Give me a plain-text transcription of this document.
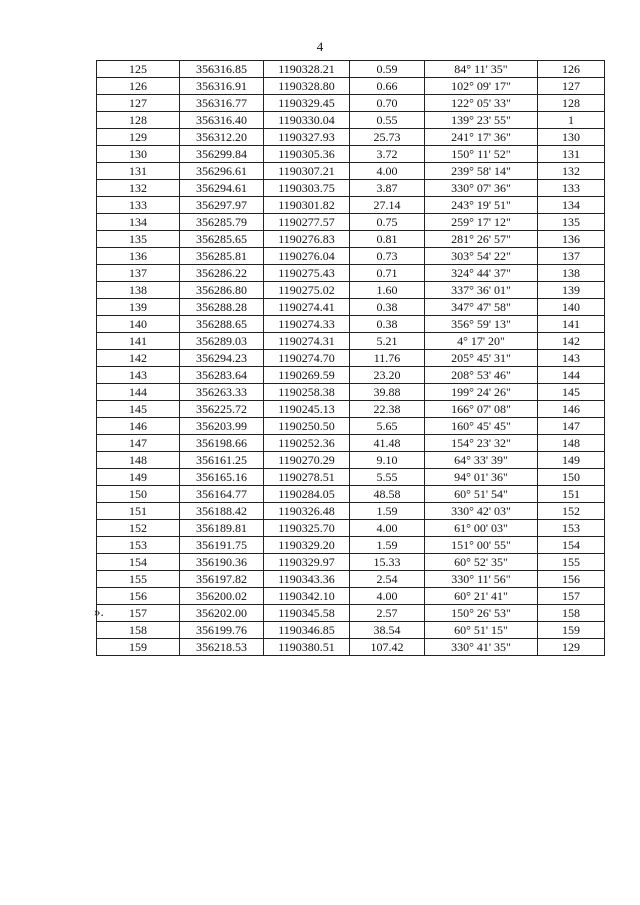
4
125	356316.85	1190328.21	0.59	84° 11' 35"	126
126	356316.91	1190328.80	0.66	102° 09' 17"	127
127	356316.77	1190329.45	0.70	122° 05' 33"	128
128	356316.40	1190330.04	0.55	139° 23' 55"	1
129	356312.20	1190327.93	25.73	241° 17' 36"	130
130	356299.84	1190305.36	3.72	150° 11' 52"	131
131	356296.61	1190307.21	4.00	239° 58' 14"	132
132	356294.61	1190303.75	3.87	330° 07' 36"	133
133	356297.97	1190301.82	27.14	243° 19' 51"	134
134	356285.79	1190277.57	0.75	259° 17' 12"	135
135	356285.65	1190276.83	0.81	281° 26' 57"	136
136	356285.81	1190276.04	0.73	303° 54' 22"	137
137	356286.22	1190275.43	0.71	324° 44' 37"	138
138	356286.80	1190275.02	1.60	337° 36' 01"	139
139	356288.28	1190274.41	0.38	347° 47' 58"	140
140	356288.65	1190274.33	0.38	356° 59' 13"	141
141	356289.03	1190274.31	5.21	4° 17' 20"	142
142	356294.23	1190274.70	11.76	205° 45' 31"	143
143	356283.64	1190269.59	23.20	208° 53' 46"	144
144	356263.33	1190258.38	39.88	199° 24' 26"	145
145	356225.72	1190245.13	22.38	166° 07' 08"	146
146	356203.99	1190250.50	5.65	160° 45' 45"	147
147	356198.66	1190252.36	41.48	154° 23' 32"	148
148	356161.25	1190270.29	9.10	64° 33' 39"	149
149	356165.16	1190278.51	5.55	94° 01' 36"	150
150	356164.77	1190284.05	48.58	60° 51' 54"	151
151	356188.42	1190326.48	1.59	330° 42' 03"	152
152	356189.81	1190325.70	4.00	61° 00' 03"	153
153	356191.75	1190329.20	1.59	151° 00' 55"	154
154	356190.36	1190329.97	15.33	60° 52' 35"	155
155	356197.82	1190343.36	2.54	330° 11' 56"	156
156	356200.02	1190342.10	4.00	60° 21' 41"	157
157	356202.00	1190345.58	2.57	150° 26' 53"	158
158	356199.76	1190346.85	38.54	60° 51' 15"	159
159	356218.53	1190380.51	107.42	330° 41' 35"	129
».
